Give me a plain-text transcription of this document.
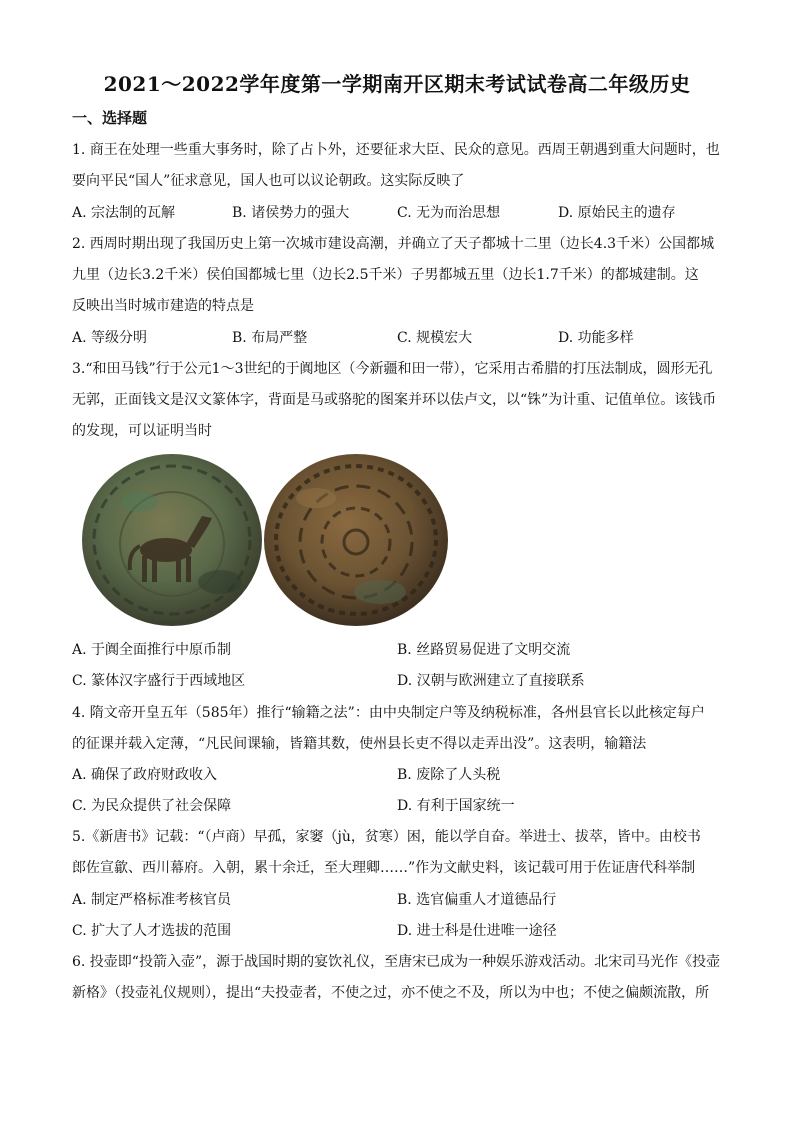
2021～2022学年度第一学期南开区期末考试试卷高二年级历史
一、选择题
1. 商王在处理一些重大事务时，除了占卜外，还要征求大臣、民众的意见。西周王朝遇到重大问题时，也
要向平民“国人”征求意见，国人也可以议论朝政。这实际反映了
A. 宗法制的瓦解	B. 诸侯势力的强大	C. 无为而治思想	D. 原始民主的遗存
2. 西周时期出现了我国历史上第一次城市建设高潮，并确立了天子都城十二里（边长4.3千米）公国都城
九里（边长3.2千米）侯伯国都城七里（边长2.5千米）子男都城五里（边长1.7千米）的都城建制。这
反映出当时城市建造的特点是
A. 等级分明	B. 布局严整	C. 规模宏大	D. 功能多样
3.“和田马钱”行于公元1～3世纪的于阗地区（今新疆和田一带），它采用古希腊的打压法制成，圆形无孔
无郭，正面钱文是汉文篆体字，背面是马或骆驼的图案并环以佉卢文，以“铢”为计重、记值单位。该钱币
的发现，可以证明当时
A. 于阗全面推行中原币制	B. 丝路贸易促进了文明交流
C. 篆体汉字盛行于西域地区	D. 汉朝与欧洲建立了直接联系
4. 隋文帝开皇五年（585年）推行“输籍之法”：由中央制定户等及纳税标准，各州县官长以此核定每户
的征课并载入定薄，“凡民间课输，皆籍其数，使州县长吏不得以走弄出没”。这表明，输籍法
A. 确保了政府财政收入	B. 废除了人头税
C. 为民众提供了社会保障	D. 有利于国家统一
5.《新唐书》记载：“（卢商）早孤，家窭（jù，贫寒）困，能以学自奋。举进士、拔萃，皆中。由校书
郎佐宣歙、西川幕府。入朝，累十余迁，至大理卿……”作为文献史料，该记载可用于佐证唐代科举制
A. 制定严格标准考核官员	B. 选官偏重人才道德品行
C. 扩大了人才选拔的范围	D. 进士科是仕进唯一途径
6. 投壶即“投箭入壶”，源于战国时期的宴饮礼仪，至唐宋已成为一种娱乐游戏活动。北宋司马光作《投壶
新格》（投壶礼仪规则），提出“夫投壶者，不使之过，亦不使之不及，所以为中也；不使之偏颇流散，所
